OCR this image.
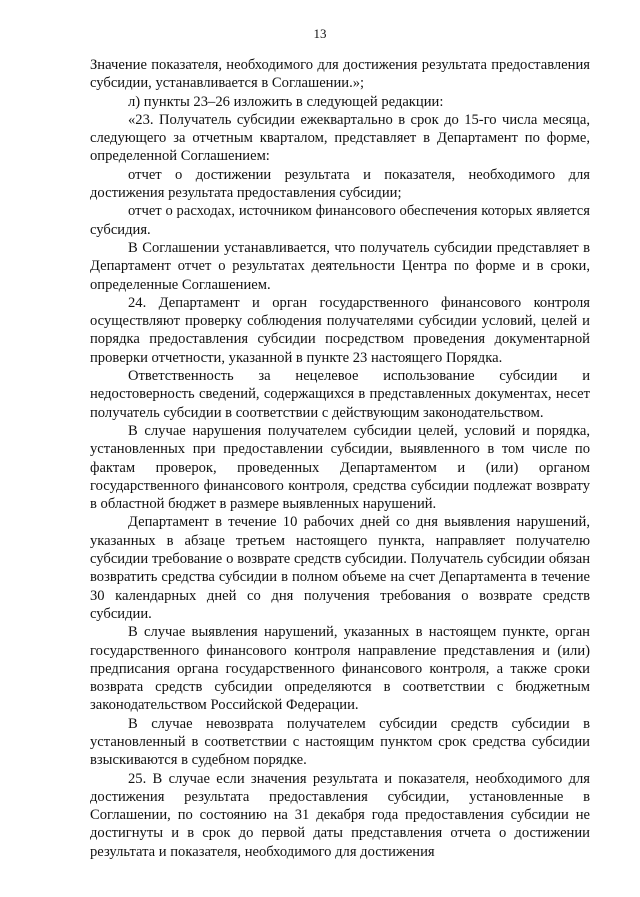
13

Значение показателя, необходимого для достижения результата предоставления субсидии, устанавливается в Соглашении.»;

л) пункты 23–26 изложить в следующей редакции:

«23. Получатель субсидии ежеквартально в срок до 15-го числа месяца, следующего за отчетным кварталом, представляет в Департамент по форме, определенной Соглашением:

отчет о достижении результата и показателя, необходимого для достижения результата предоставления субсидии;

отчет о расходах, источником финансового обеспечения которых является субсидия.

В Соглашении устанавливается, что получатель субсидии представляет в Департамент отчет о результатах деятельности Центра по форме и в сроки, определенные Соглашением.

24. Департамент и орган государственного финансового контроля осуществляют проверку соблюдения получателями субсидии условий, целей и порядка предоставления субсидии посредством проведения документарной проверки отчетности, указанной в пункте 23 настоящего Порядка.

Ответственность за нецелевое использование субсидии и недостоверность сведений, содержащихся в представленных документах, несет получатель субсидии в соответствии с действующим законодательством.

В случае нарушения получателем субсидии целей, условий и порядка, установленных при предоставлении субсидии, выявленного в том числе по фактам проверок, проведенных Департаментом и (или) органом государственного финансового контроля, средства субсидии подлежат возврату в областной бюджет в размере выявленных нарушений.

Департамент в течение 10 рабочих дней со дня выявления нарушений, указанных в абзаце третьем настоящего пункта, направляет получателю субсидии требование о возврате средств субсидии. Получатель субсидии обязан возвратить средства субсидии в полном объеме на счет Департамента в течение 30 календарных дней со дня получения требования о возврате средств субсидии.

В случае выявления нарушений, указанных в настоящем пункте, орган государственного финансового контроля направление представления и (или) предписания органа государственного финансового контроля, а также сроки возврата средств субсидии определяются в соответствии с бюджетным законодательством Российской Федерации.

В случае невозврата получателем субсидии средств субсидии в установленный в соответствии с настоящим пунктом срок средства субсидии взыскиваются в судебном порядке.

25. В случае если значения результата и показателя, необходимого для достижения результата предоставления субсидии, установленные в Соглашении, по состоянию на 31 декабря года предоставления субсидии не достигнуты и в срок до первой даты представления отчета о достижении результата и показателя, необходимого для достижения
